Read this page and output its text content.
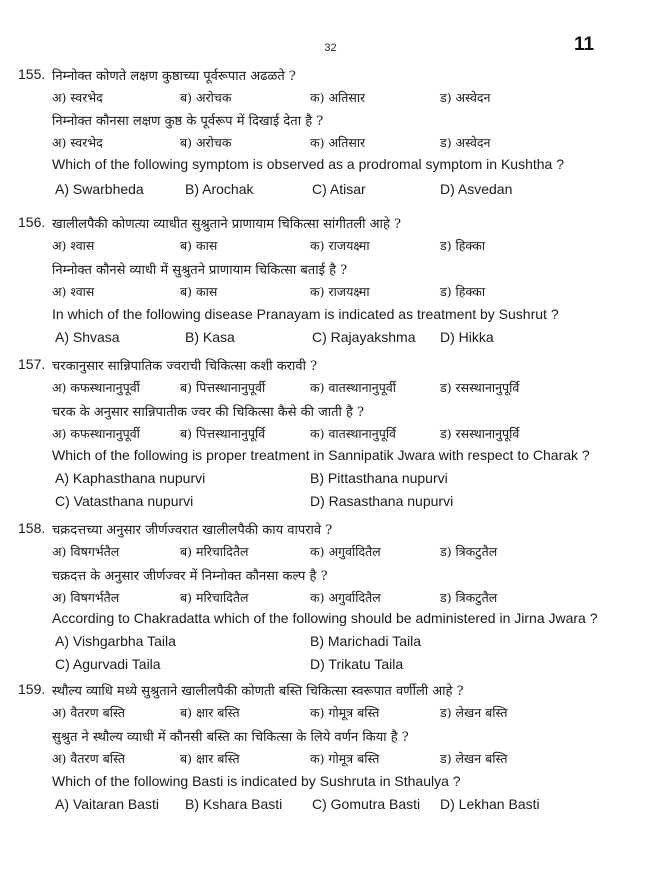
32	11
155. निम्नोक्त कोणते लक्षण कुष्ठाच्या पूर्वरूपात अढळते ?
अ) स्वरभेद	ब) अरोचक	क) अतिसार	ड) अस्वेदन
निम्नोक्त कौनसा लक्षण कुष्ठ के पूर्वरूप में दिखाई देता है ?
अ) स्वरभेद	ब) अरोचक	क) अतिसार	ड) अस्वेदन
Which of the following symptom is observed as a prodromal symptom in Kushtha ?
A) Swarbheda	B) Arochak	C) Atisar	D) Asvedan
156. खालीलपैकी कोणत्या व्याधीत सुश्रुताने प्राणायाम चिकित्सा सांगीतली आहे ?
अ) श्वास	ब) कास	क) राजयक्ष्मा	ड) हिक्का
निम्नोक्त कौनसे व्याधी में सुश्रुतने प्राणायाम चिकित्सा बताई है ?
अ) श्वास	ब) कास	क) राजयक्ष्मा	ड) हिक्का
In which of the following disease Pranayam is indicated as treatment by Sushrut ?
A) Shvasa	B) Kasa	C) Rajayakshma D) Hikka
157. चरकानुसार सान्निपातिक ज्वराची चिकित्सा कशी करावी ?
अ) कफस्थानानुपूर्वी	ब) पित्तस्थानानुपूर्वी	क) वातस्थानानुपूर्वी	ड) रसस्थानानुपूर्वि
चरक के अनुसार सान्निपातीक ज्वर की चिकित्सा कैसे की जाती है ?
अ) कफस्थानानुपूर्वी	ब) पित्तस्थानानुपूर्वि	क) वातस्थानानुपूर्वि	ड) रसस्थानानुपूर्वि
Which of the following is proper treatment in Sannipatik Jwara with respect to Charak ?
A) Kaphasthana nupurvi	B) Pittasthana nupurvi
C) Vatasthana nupurvi	D) Rasasthana nupurvi
158. चक्रदत्तच्या अनुसार जीर्णज्वरात खालीलपैकी काय वापरावे ?
अ) विषगर्भतैल	ब) मरिचादितैल	क) अगुर्वादितैल	ड) त्रिकटुतैल
चक्रदत्त के अनुसार जीर्णज्वर में निम्नोक्त कौनसा कल्प है ?
अ) विषगर्भतैल	ब) मरिचादितैल	क) अगुर्वादितैल	ड) त्रिकटुतैल
According to Chakradatta which of the following should be administered in Jirna Jwara ?
A) Vishgarbha Taila	B) Marichadi Taila
C) Agurvadi Taila	D) Trikatu Taila
159. स्थौल्य व्याधि मध्ये सुश्रुताने खालीलपैकी कोणती बस्ति चिकित्सा स्वरूपात वर्णीली आहे ?
अ) वैतरण बस्ति	ब) क्षार बस्ति	क) गोमूत्र बस्ति	ड) लेखन बस्ति
सुश्रुत ने स्थौल्य व्याधी में कौनसी बस्ति का चिकित्सा के लिये वर्णन किया है ?
अ) वैतरण बस्ति	ब) क्षार बस्ति	क) गोमूत्र बस्ति	ड) लेखन बस्ति
Which of the following Basti is indicated by Sushruta in Sthaulya ?
A) Vaitaran Basti B) Kshara Basti C) Gomutra Basti D) Lekhan Basti
